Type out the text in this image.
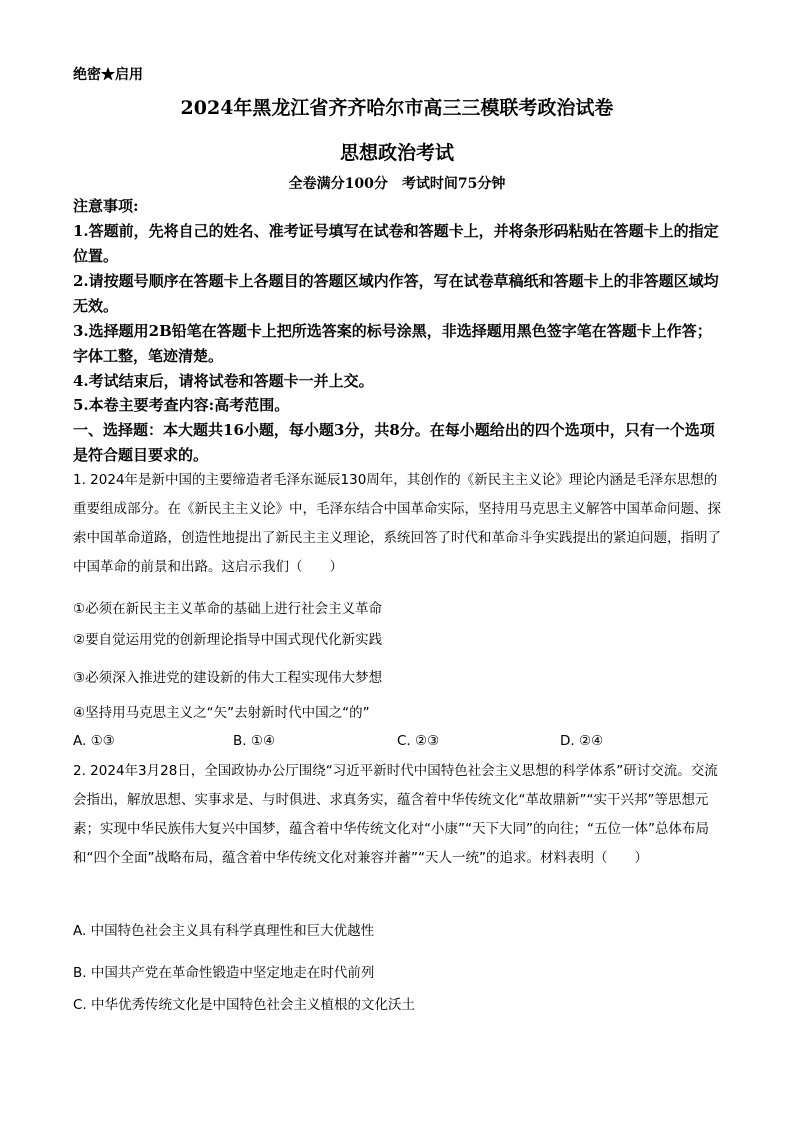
绝密★启用
2024年黑龙江省齐齐哈尔市高三三模联考政治试卷
思想政治考试
全卷满分100分　考试时间75分钟
注意事项:
1.答题前，先将自己的姓名、准考证号填写在试卷和答题卡上，并将条形码粘贴在答题卡上的指定位置。
2.请按题号顺序在答题卡上各题目的答题区域内作答，写在试卷草稿纸和答题卡上的非答题区域均无效。
3.选择题用2B铅笔在答题卡上把所选答案的标号涂黑，非选择题用黑色签字笔在答题卡上作答；字体工整，笔迹清楚。
4.考试结束后，请将试卷和答题卡一并上交。
5.本卷主要考查内容:高考范围。
一、选择题：本大题共16小题，每小题3分，共8分。在每小题给出的四个选项中，只有一个选项是符合题目要求的。
1. 2024年是新中国的主要缔造者毛泽东诞辰130周年，其创作的《新民主主义论》理论内涵是毛泽东思想的重要组成部分。在《新民主主义论》中，毛泽东结合中国革命实际，坚持用马克思主义解答中国革命问题、探索中国革命道路，创造性地提出了新民主主义理论，系统回答了时代和革命斗争实践提出的紧迫问题，指明了中国革命的前景和出路。这启示我们（　　）
①必须在新民主主义革命的基础上进行社会主义革命
②要自觉运用党的创新理论指导中国式现代化新实践
③必须深入推进党的建设新的伟大工程实现伟大梦想
④坚持用马克思主义之“矢”去射新时代中国之“的”
A. ①③	B. ①④	C. ②③	D. ②④
2. 2024年3月28日，全国政协办公厅围绕“习近平新时代中国特色社会主义思想的科学体系”研讨交流。交流会指出，解放思想、实事求是、与时俱进、求真务实，蕴含着中华传统文化“革故鼎新”“实干兴邦”等思想元素；实现中华民族伟大复兴中国梦，蕴含着中华传统文化对“小康”“天下大同”的向往；“五位一体”总体布局和“四个全面”战略布局，蕴含着中华传统文化对兼容并蓄”“天人一统”的追求。材料表明（　　）
A. 中国特色社会主义具有科学真理性和巨大优越性
B. 中国共产党在革命性锻造中坚定地走在时代前列
C. 中华优秀传统文化是中国特色社会主义植根的文化沃土
